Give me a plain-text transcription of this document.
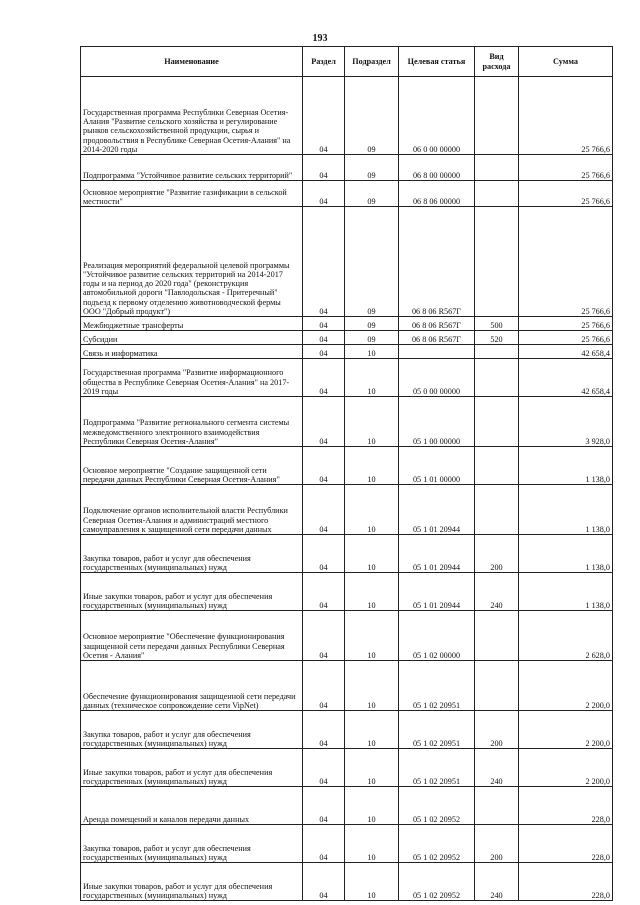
193
Наименование	Раздел	Подраздел	Целевая статья	Вид расхода	Сумма
Государственная программа Республики Северная Осетия-Алания "Развитие сельского хозяйства и регулирование рынков сельскохозяйственной продукции, сырья и продовольствия в Республике Северная Осетия-Алания" на 2014-2020 годы	04	09	06 0 00 00000		25 766,6
Подпрограмма "Устойчивое развитие сельских территорий"	04	09	06 8 00 00000		25 766,6
Основное мероприятие "Развитие газификации в сельской местности"	04	09	06 8 06 00000		25 766,6
Реализация мероприятий федеральной целевой программы "Устойчивое развитие сельских территорий на 2014-2017 годы и на период до 2020 года" (реконструкция автомобильной дороги "Павлодольская - Притеречный" подъезд к первому отделению животноводческой фермы ООО "Добрый продукт")	04	09	06 8 06 R567Г		25 766,6
Межбюджетные трансферты	04	09	06 8 06 R567Г	500	25 766,6
Субсидии	04	09	06 8 06 R567Г	520	25 766,6
Связь и информатика	04	10			42 658,4
Государственная программа "Развитие информационного общества в Республике Северная Осетия-Алания" на 2017-2019 годы	04	10	05 0 00 00000		42 658,4
Подпрограмма "Развитие регионального сегмента системы межведомственного электронного взаимодействия Республики Северная Осетия-Алания"	04	10	05 1 00 00000		3 928,0
Основное мероприятие "Создание защищенной сети передачи данных Республики Северная Осетия-Алания"	04	10	05 1 01 00000		1 138,0
Подключение органов исполнительной власти Республики Северная Осетия-Алания и администраций местного самоуправления к защищенной сети передачи данных	04	10	05 1 01 20944		1 138,0
Закупка товаров, работ и услуг для обеспечения государственных (муниципальных) нужд	04	10	05 1 01 20944	200	1 138,0
Иные закупки товаров, работ и услуг для обеспечения государственных (муниципальных) нужд	04	10	05 1 01 20944	240	1 138,0
Основное мероприятие "Обеспечение функционирования защищенной сети передачи данных Республики Северная Осетия - Алания"	04	10	05 1 02 00000		2 628,0
Обеспечение функционирования защищенной сети передачи данных (техническое сопровождение сети VipNet)	04	10	05 1 02 20951		2 200,0
Закупка товаров, работ и услуг для обеспечения государственных (муниципальных) нужд	04	10	05 1 02 20951	200	2 200,0
Иные закупки товаров, работ и услуг для обеспечения государственных (муниципальных) нужд	04	10	05 1 02 20951	240	2 200,0
Аренда помещений и каналов передачи данных	04	10	05 1 02 20952		228,0
Закупка товаров, работ и услуг для обеспечения государственных (муниципальных) нужд	04	10	05 1 02 20952	200	228,0
Иные закупки товаров, работ и услуг для обеспечения государственных (муниципальных) нужд	04	10	05 1 02 20952	240	228,0
